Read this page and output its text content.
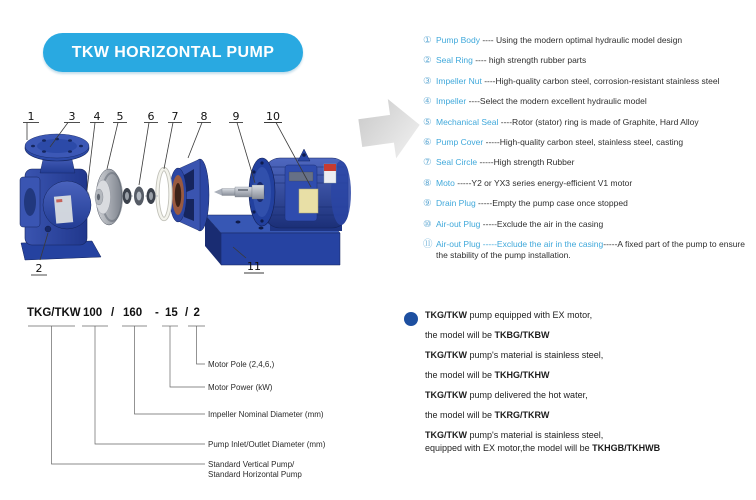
TKW HORIZONTAL PUMP
1	3 4 5 6 7 8 9 10
2	11
① Pump Body ---- Using the modern optimal hydraulic model design
② Seal Ring ---- high strength rubber parts
③ Impeller Nut ----High-quality carbon steel, corrosion-resistant stainless steel
④ Impeller ----Select the modern excellent hydraulic model
⑤ Mechanical Seal ----Rotor (stator) ring is made of Graphite, Hard Alloy
⑥ Pump Cover -----High-quality carbon steel, stainless steel, casting
⑦ Seal Circle -----High strength Rubber
⑧ Moto -----Y2 or YX3 series energy-efficient V1 motor
⑨ Drain Plug -----Empty the pump case once stopped
⑩ Air-out Plug -----Exclude the air in the casing
⑪ Air-out Plug -----Exclude the air in the casing-----A fixed part of the pump to ensure the stability of the pump installation.
TKG/TKW 100 / 160 - 15 / 2
Motor Pole (2,4,6,)
Motor Power (kW)
Impeller Nominal Diameter (mm)
Pump Inlet/Outlet Diameter (mm)
Standard Vertical Pump/
Standard Horizontal Pump
TKG/TKW pump equipped with EX motor,
the model will be TKBG/TKBW
TKG/TKW pump's material is stainless steel,
the model will be TKHG/TKHW
TKG/TKW pump delivered the hot water,
the model will be TKRG/TKRW
TKG/TKW pump's material is stainless steel,
equipped with EX motor,the model will be TKHGB/TKHWB
